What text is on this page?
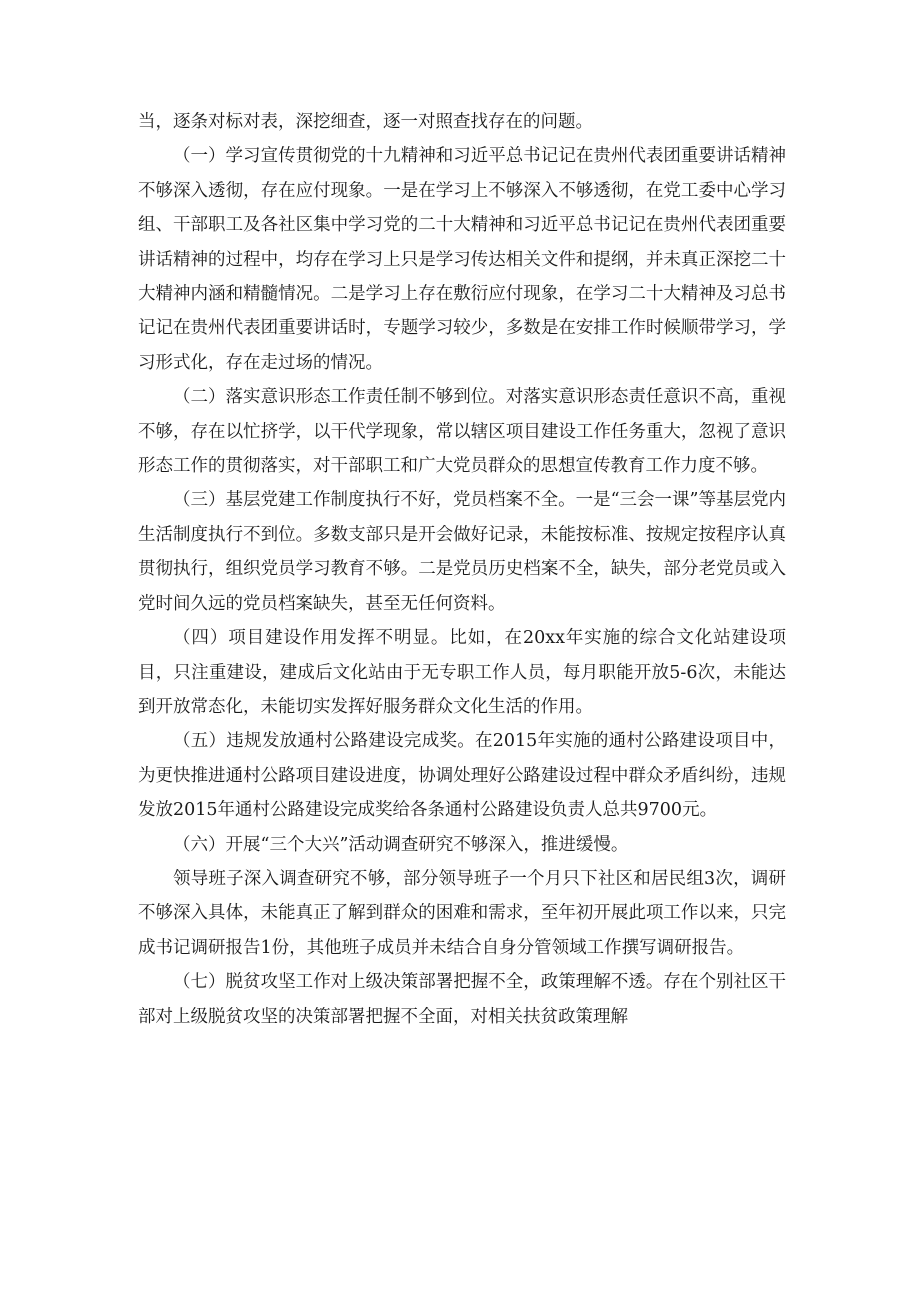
当，逐条对标对表，深挖细查，逐一对照查找存在的问题。

（一）学习宣传贯彻党的十九精神和习近平总书记记在贵州代表团重要讲话精神不够深入透彻，存在应付现象。一是在学习上不够深入不够透彻，在党工委中心学习组、干部职工及各社区集中学习党的二十大精神和习近平总书记记在贵州代表团重要讲话精神的过程中，均存在学习上只是学习传达相关文件和提纲，并未真正深挖二十大精神内涵和精髓情况。二是学习上存在敷衍应付现象，在学习二十大精神及习总书记记在贵州代表团重要讲话时，专题学习较少，多数是在安排工作时候顺带学习，学习形式化，存在走过场的情况。

（二）落实意识形态工作责任制不够到位。对落实意识形态责任意识不高，重视不够，存在以忙挤学，以干代学现象，常以辖区项目建设工作任务重大，忽视了意识形态工作的贯彻落实，对干部职工和广大党员群众的思想宣传教育工作力度不够。

（三）基层党建工作制度执行不好，党员档案不全。一是“三会一课”等基层党内生活制度执行不到位。多数支部只是开会做好记录，未能按标准、按规定按程序认真贯彻执行，组织党员学习教育不够。二是党员历史档案不全，缺失，部分老党员或入党时间久远的党员档案缺失，甚至无任何资料。

（四）项目建设作用发挥不明显。比如，在20xx年实施的综合文化站建设项目，只注重建设，建成后文化站由于无专职工作人员，每月职能开放5-6次，未能达到开放常态化，未能切实发挥好服务群众文化生活的作用。

（五）违规发放通村公路建设完成奖。在2015年实施的通村公路建设项目中，为更快推进通村公路项目建设进度，协调处理好公路建设过程中群众矛盾纠纷，违规发放2015年通村公路建设完成奖给各条通村公路建设负责人总共9700元。

（六）开展“三个大兴”活动调查研究不够深入，推进缓慢。

领导班子深入调查研究不够，部分领导班子一个月只下社区和居民组3次，调研不够深入具体，未能真正了解到群众的困难和需求，至年初开展此项工作以来，只完成书记调研报告1份，其他班子成员并未结合自身分管领域工作撰写调研报告。

（七）脱贫攻坚工作对上级决策部署把握不全，政策理解不透。存在个别社区干部对上级脱贫攻坚的决策部署把握不全面，对相关扶贫政策理解
